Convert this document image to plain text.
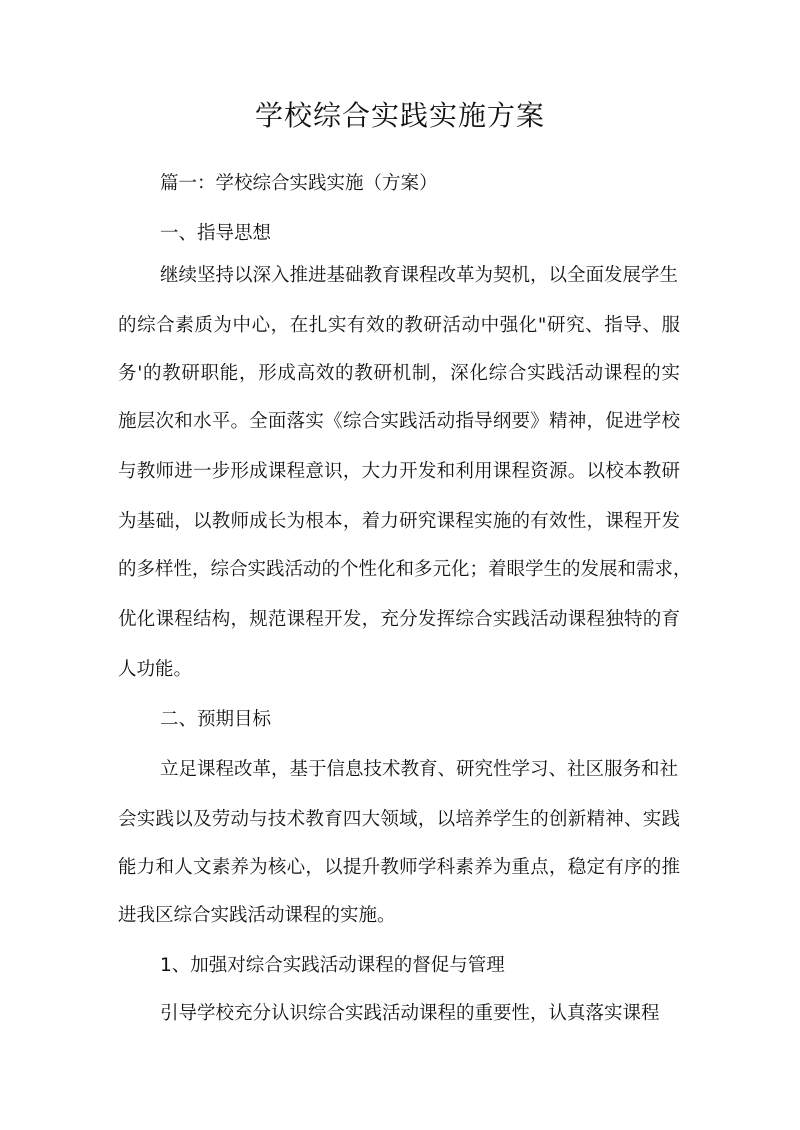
学校综合实践实施方案
篇一：学校综合实践实施（方案）
一、指导思想
继续坚持以深入推进基础教育课程改革为契机，以全面发展学生
的综合素质为中心，在扎实有效的教研活动中强化"研究、指导、服
务'的教研职能，形成高效的教研机制，深化综合实践活动课程的实
施层次和水平。全面落实《综合实践活动指导纲要》精神，促进学校
与教师进一步形成课程意识，大力开发和利用课程资源。以校本教研
为基础，以教师成长为根本，着力研究课程实施的有效性，课程开发
的多样性，综合实践活动的个性化和多元化；着眼学生的发展和需求，
优化课程结构，规范课程开发，充分发挥综合实践活动课程独特的育
人功能。
二、预期目标
立足课程改革，基于信息技术教育、研究性学习、社区服务和社
会实践以及劳动与技术教育四大领域，以培养学生的创新精神、实践
能力和人文素养为核心，以提升教师学科素养为重点，稳定有序的推
进我区综合实践活动课程的实施。
1、加强对综合实践活动课程的督促与管理
引导学校充分认识综合实践活动课程的重要性，认真落实课程
